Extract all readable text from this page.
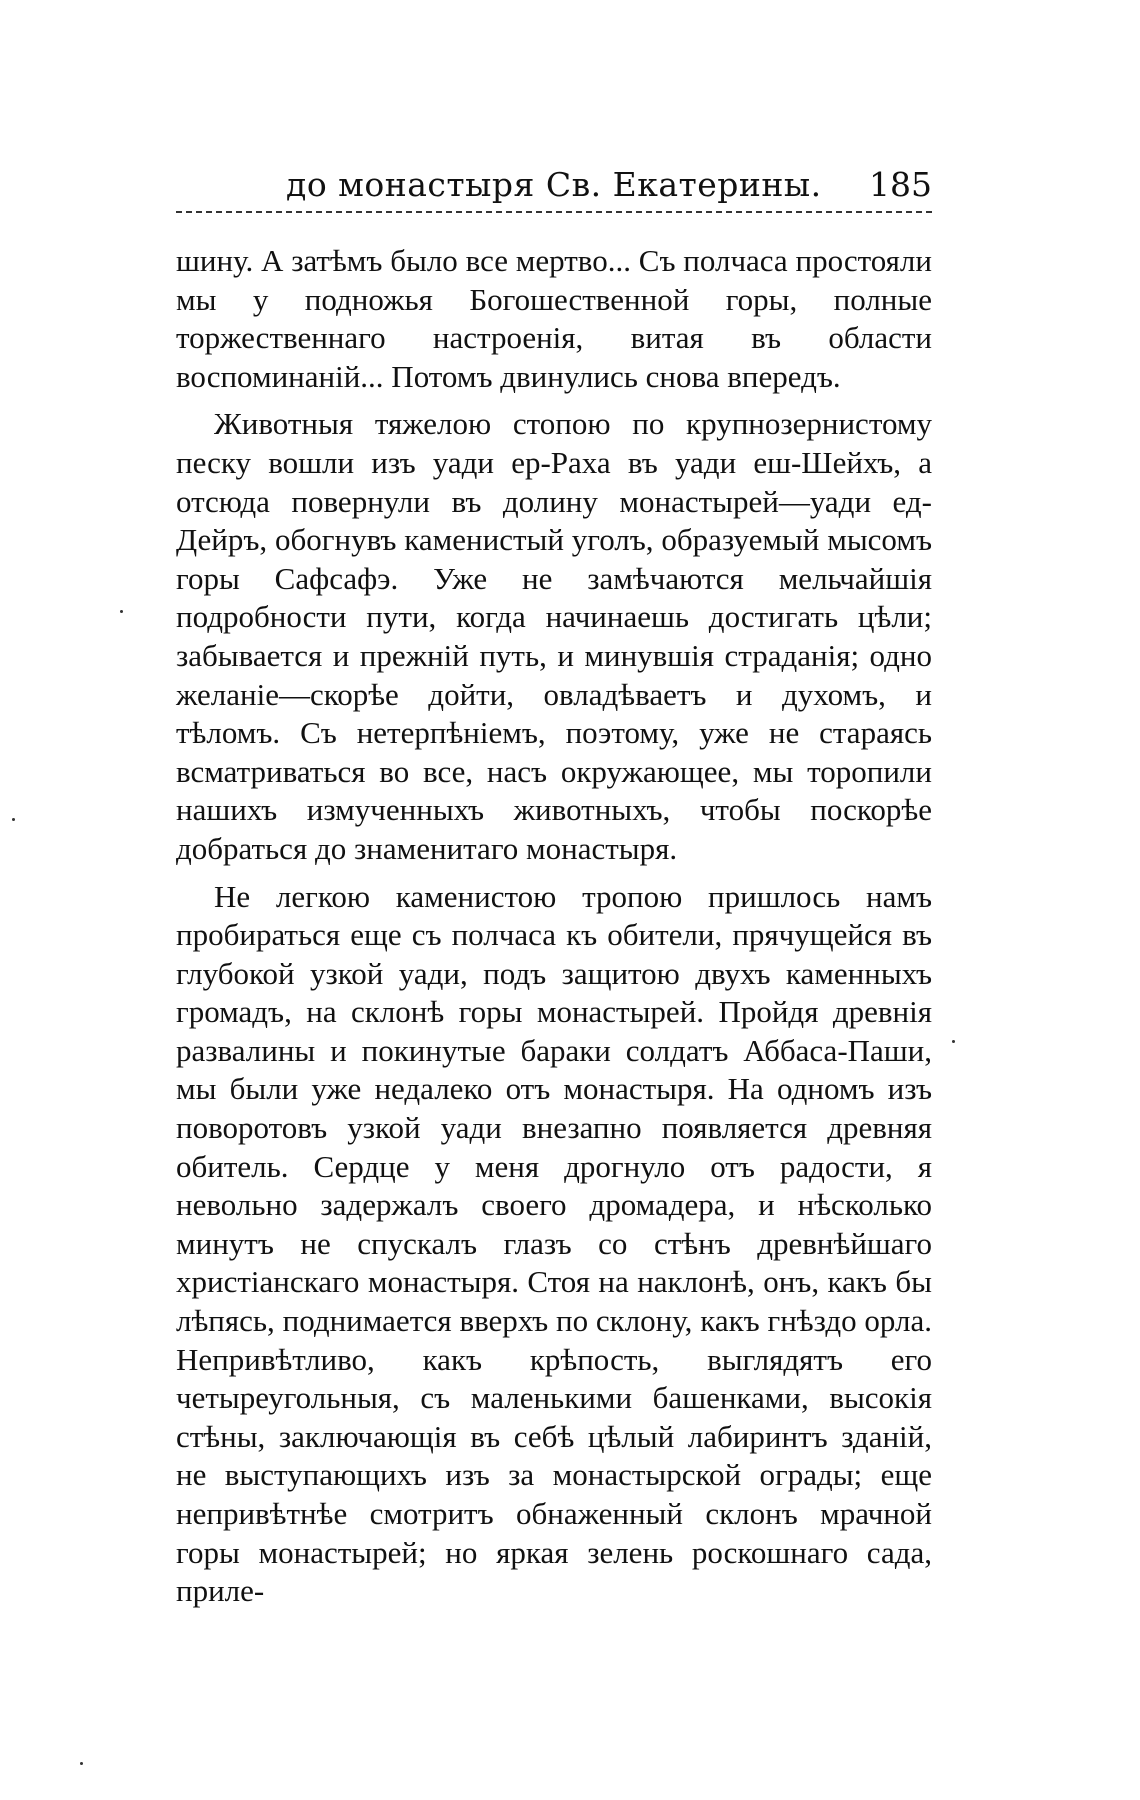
до монастыря Св. Екатерины. 185

шину. А затѣмъ было все мертво... Съ полчаса простояли мы у подножья Богошественной горы, полные торжественнаго настроенія, витая въ области воспоминаній... Потомъ двинулись снова впередъ.

Животныя тяжелою стопою по крупнозернистому песку вошли изъ уади ер-Раха въ уади еш-Шейхъ, а отсюда повернули въ долину монастырей—уади ед-Дейръ, обогнувъ каменистый уголъ, образуемый мысомъ горы Сафсафэ. Уже не замѣчаются мельчайшія подробности пути, когда начинаешь достигать цѣли; забывается и прежній путь, и минувшія страданія; одно желаніе—скорѣе дойти, овладѣваетъ и духомъ, и тѣломъ. Съ нетерпѣніемъ, поэтому, уже не стараясь всматриваться во все, насъ окружающее, мы торопили нашихъ измученныхъ животныхъ, чтобы поскорѣе добраться до знаменитаго монастыря.

Не легкою каменистою тропою пришлось намъ пробираться еще съ полчаса къ обители, прячущейся въ глубокой узкой уади, подъ защитою двухъ каменныхъ громадъ, на склонѣ горы монастырей. Пройдя древнія развалины и покинутые бараки солдатъ Аббаса-Паши, мы были уже недалеко отъ монастыря. На одномъ изъ поворотовъ узкой уади внезапно появляется древняя обитель. Сердце у меня дрогнуло отъ радости, я невольно задержалъ своего дромадера, и нѣсколько минутъ не спускалъ глазъ со стѣнъ древнѣйшаго христіанскаго монастыря. Стоя на наклонѣ, онъ, какъ бы лѣпясь, поднимается вверхъ по склону, какъ гнѣздо орла. Непривѣтливо, какъ крѣпость, выглядятъ его четыреугольныя, съ маленькими башенками, высокія стѣны, заключающія въ себѣ цѣлый лабиринтъ зданій, не выступающихъ изъ за монастырской ограды; еще непривѣтнѣе смотритъ обнаженный склонъ мрачной горы монастырей; но яркая зелень роскошнаго сада, приле-
